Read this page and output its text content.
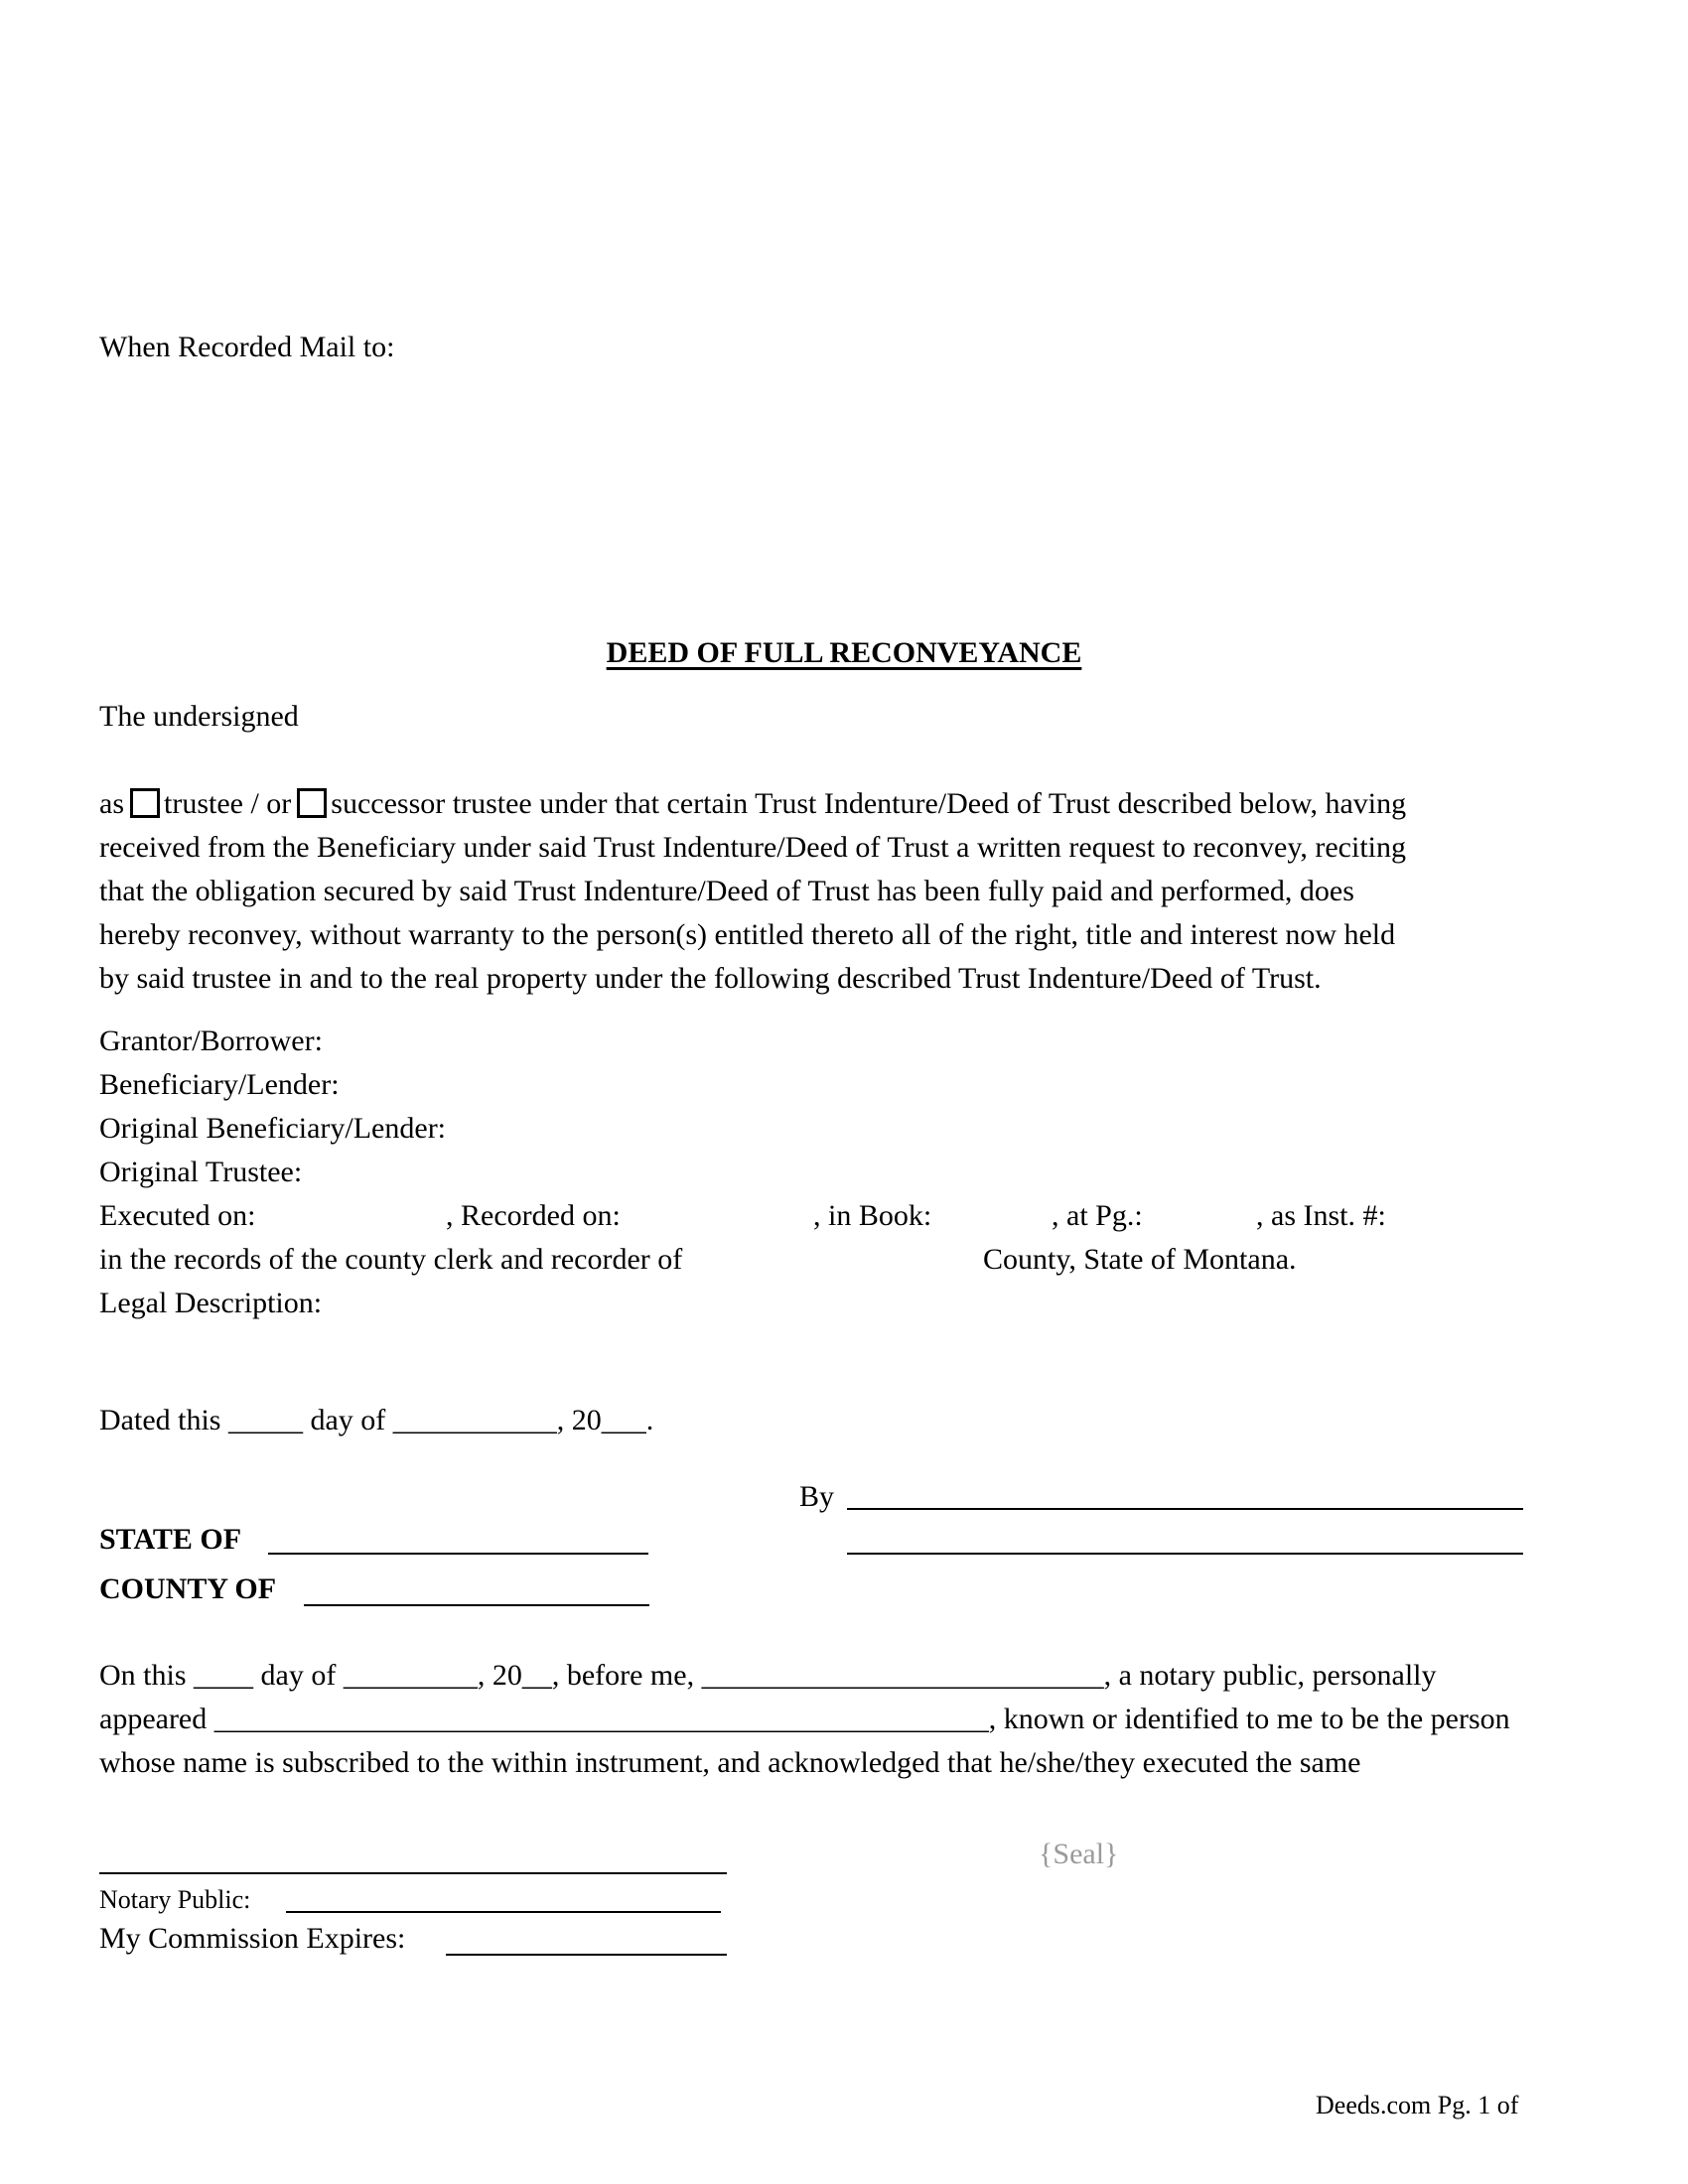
When Recorded Mail to:
DEED OF FULL RECONVEYANCE
The undersigned
as trustee / or successor trustee under that certain Trust Indenture/Deed of Trust described below, having
received from the Beneficiary under said Trust Indenture/Deed of Trust a written request to reconvey, reciting
that the obligation secured by said Trust Indenture/Deed of Trust has been fully paid and performed, does
hereby reconvey, without warranty to the person(s) entitled thereto all of the right, title and interest now held
by said trustee in and to the real property under the following described Trust Indenture/Deed of Trust.
Grantor/Borrower:
Beneficiary/Lender:
Original Beneficiary/Lender:
Original Trustee:
Executed on:	, Recorded on:	, in Book:	, at Pg.:	, as Inst. #:
in the records of the county clerk and recorder of	County, State of Montana.
Legal Description:
Dated this _____ day of ___________, 20___.
By
STATE OF
COUNTY OF
On this ____ day of _________, 20__, before me, ___________________________, a notary public, personally
appeared ____________________________________________________, known or identified to me to be the person
whose name is subscribed to the within instrument, and acknowledged that he/she/they executed the same
{Seal}
Notary Public:
My Commission Expires:
Deeds.com Pg. 1 of
